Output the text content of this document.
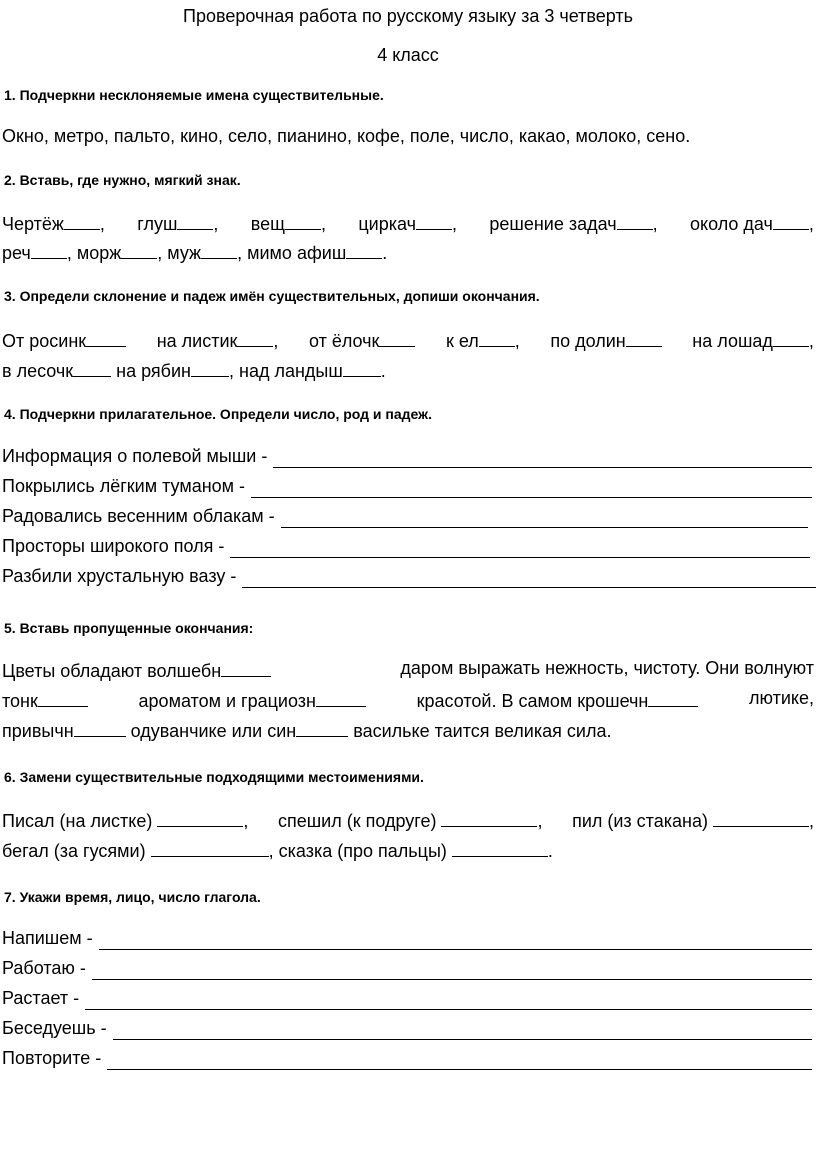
Проверочная работа по русскому языку за 3 четверть
4 класс
1. Подчеркни несклоняемые имена существительные.
Окно, метро, пальто, кино, село, пианино, кофе, поле, число, какао, молоко, сено.
2. Вставь, где нужно, мягкий знак.
Чертёж , глуш , вещ , циркач , решение задач , около дач ,
реч , морж , муж , мимо афиш .
3. Определи склонение и падеж имён существительных, допиши окончания.
От росинк	на листик , от ёлочк	к ел , по долин	на лошад ,
в лесочк на рябин , над ландыш .
4. Подчеркни прилагательное. Определи число, род и падеж.
Информация о полевой мыши -
Покрылись лёгким туманом -
Радовались весенним облакам -
Просторы широкого поля -
Разбили хрустальную вазу -
5. Вставь пропущенные окончания:
Цветы обладают волшебн	даром выражать нежность, чистоту. Они волнуют
тонк	ароматом и грациозн	красотой. В самом крошечн	лютике,
привычн	одуванчике или син	васильке таится великая сила.
6. Замени существительные подходящими местоимениями.
Писал (на листке)	, спешил (к подруге)	, пил (из стакана)	,
бегал (за гусями)	, сказка (про пальцы)	.
7. Укажи время, лицо, число глагола.
Напишем -
Работаю -
Растает -
Беседуешь -
Повторите -
